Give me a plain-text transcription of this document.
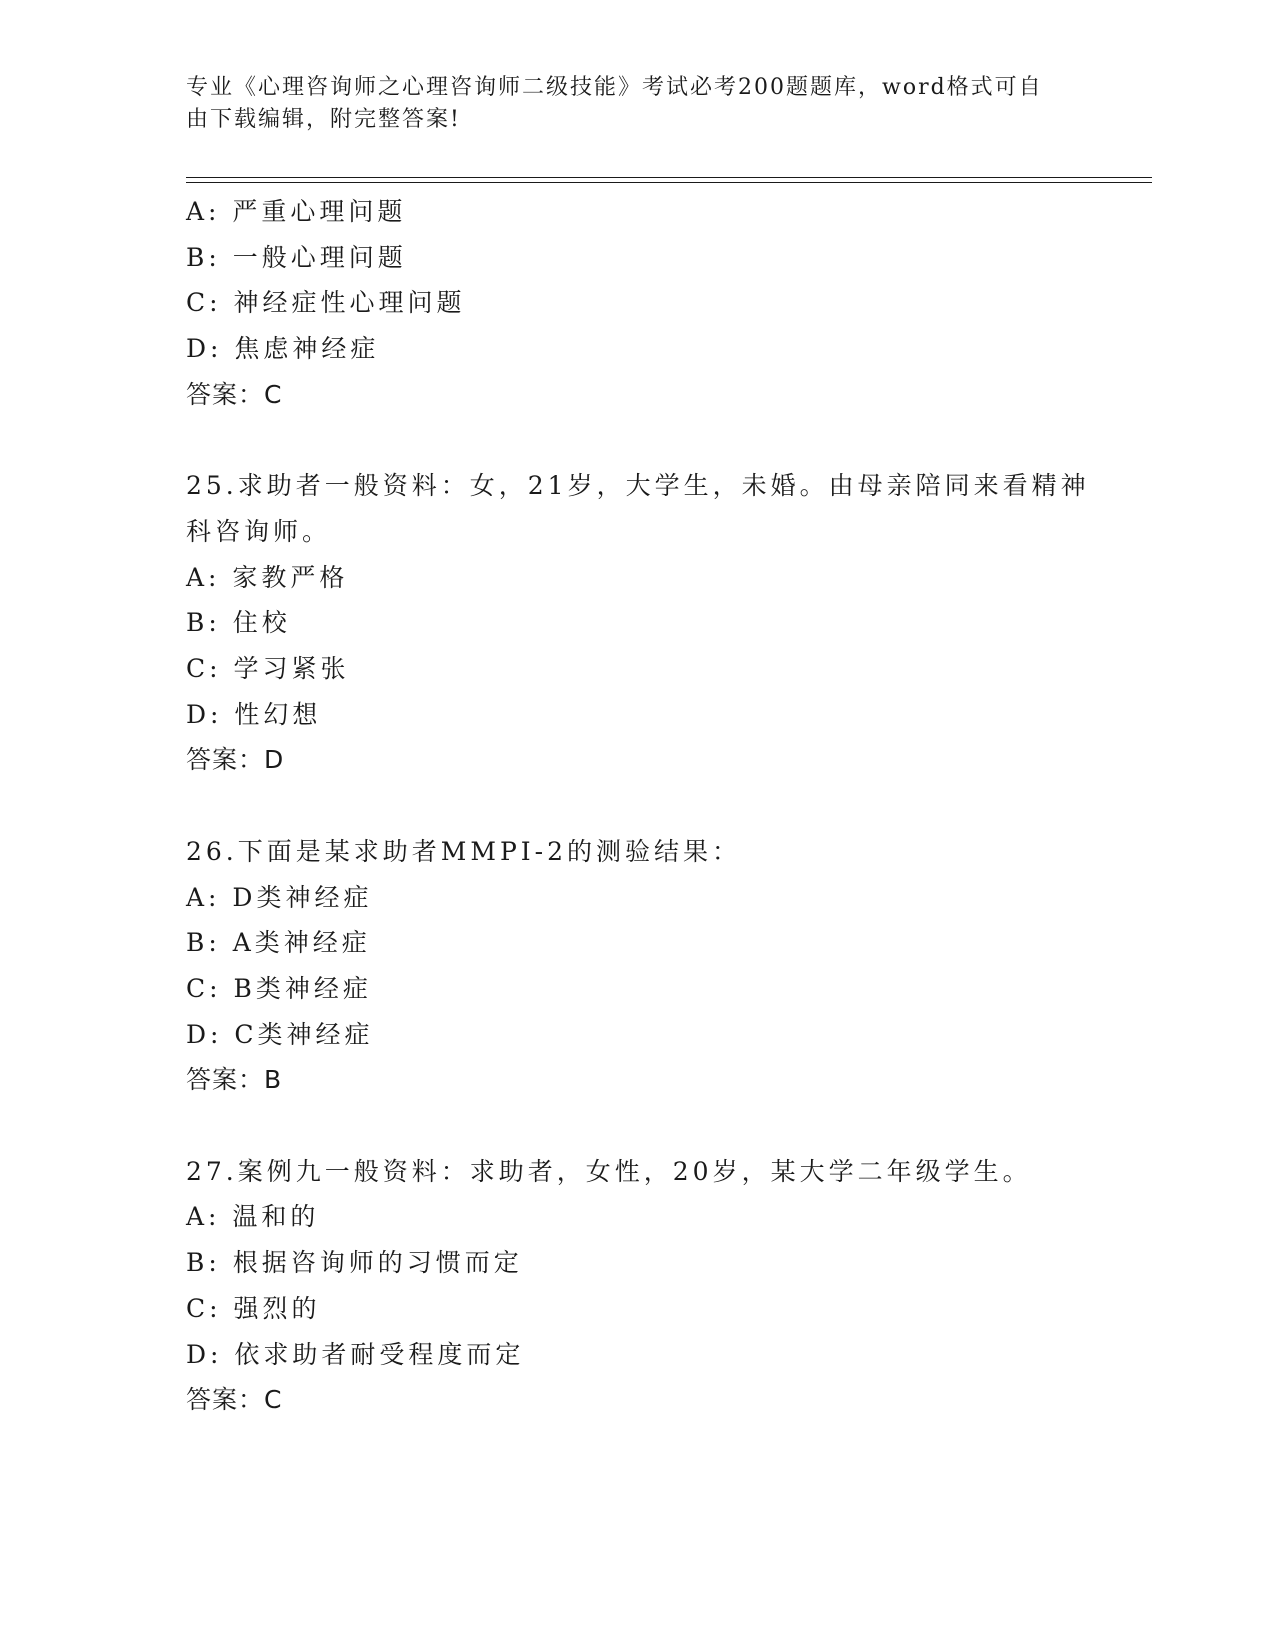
专业《心理咨询师之心理咨询师二级技能》考试必考200题题库，word格式可自
由下载编辑，附完整答案!
A: 严重心理问题
B: 一般心理问题
C: 神经症性心理问题
D: 焦虑神经症
答案：C
25.求助者一般资料：女，21岁，大学生，未婚。由母亲陪同来看精神
科咨询师。
A: 家教严格
B: 住校
C: 学习紧张
D: 性幻想
答案：D
26.下面是某求助者MMPI-2的测验结果：
A: D类神经症
B: A类神经症
C: B类神经症
D: C类神经症
答案：B
27.案例九一般资料：求助者，女性，20岁，某大学二年级学生。
A: 温和的
B: 根据咨询师的习惯而定
C: 强烈的
D: 依求助者耐受程度而定
答案：C
